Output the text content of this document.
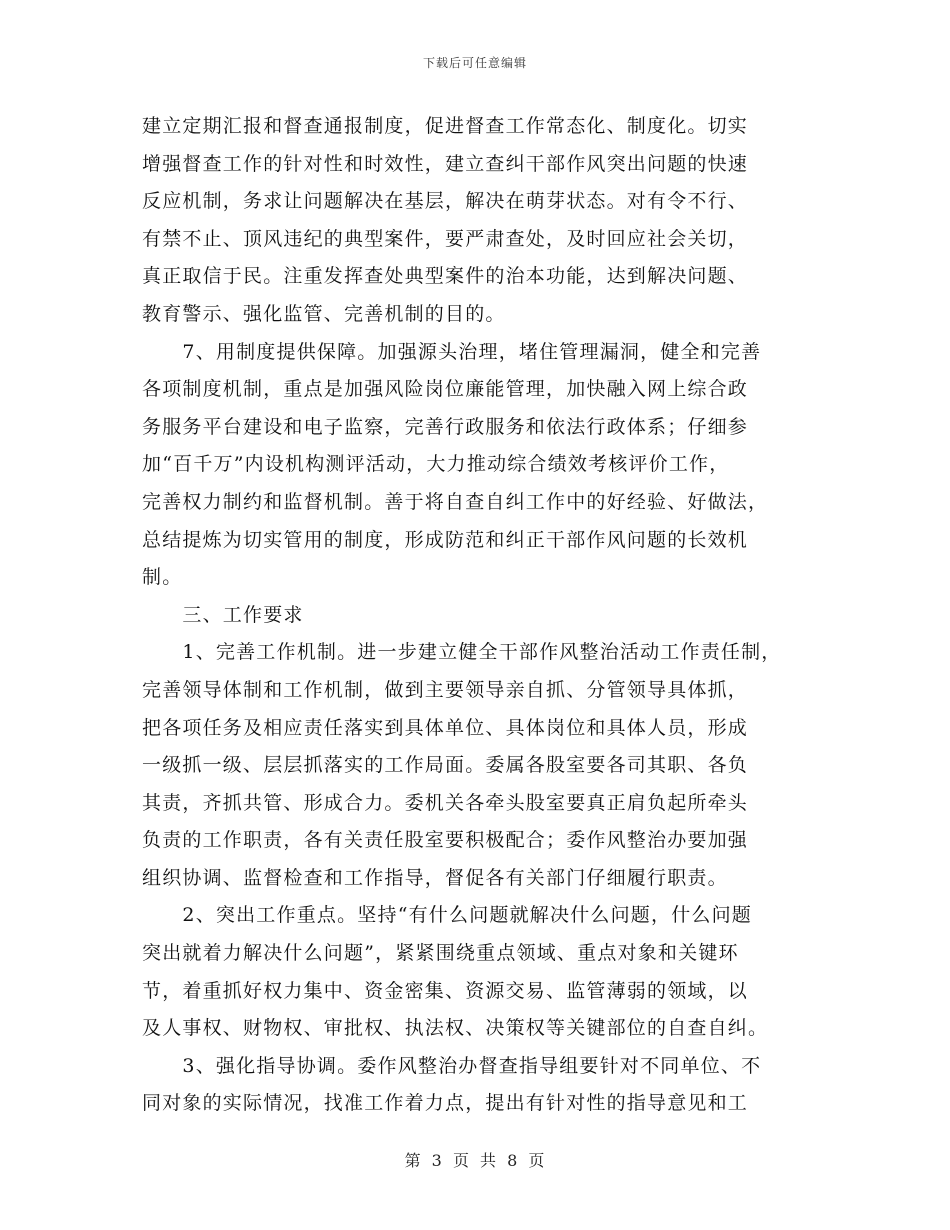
下载后可任意编辑
建立定期汇报和督查通报制度，促进督查工作常态化、制度化。切实
增强督查工作的针对性和时效性，建立查纠干部作风突出问题的快速
反应机制，务求让问题解决在基层，解决在萌芽状态。对有令不行、
有禁不止、顶风违纪的典型案件，要严肃查处，及时回应社会关切，
真正取信于民。注重发挥查处典型案件的治本功能，达到解决问题、
教育警示、强化监管、完善机制的目的。
　　7、用制度提供保障。加强源头治理，堵住管理漏洞，健全和完善
各项制度机制，重点是加强风险岗位廉能管理，加快融入网上综合政
务服务平台建设和电子监察，完善行政服务和依法行政体系；仔细参
加“百千万”内设机构测评活动，大力推动综合绩效考核评价工作，
完善权力制约和监督机制。善于将自查自纠工作中的好经验、好做法，
总结提炼为切实管用的制度，形成防范和纠正干部作风问题的长效机
制。
　　三、工作要求
　　1、完善工作机制。进一步建立健全干部作风整治活动工作责任制，
完善领导体制和工作机制，做到主要领导亲自抓、分管领导具体抓，
把各项任务及相应责任落实到具体单位、具体岗位和具体人员，形成
一级抓一级、层层抓落实的工作局面。委属各股室要各司其职、各负
其责，齐抓共管、形成合力。委机关各牵头股室要真正肩负起所牵头
负责的工作职责，各有关责任股室要积极配合；委作风整治办要加强
组织协调、监督检查和工作指导，督促各有关部门仔细履行职责。
　　2、突出工作重点。坚持“有什么问题就解决什么问题，什么问题
突出就着力解决什么问题”，紧紧围绕重点领域、重点对象和关键环
节，着重抓好权力集中、资金密集、资源交易、监管薄弱的领域，以
及人事权、财物权、审批权、执法权、决策权等关键部位的自查自纠。
　　3、强化指导协调。委作风整治办督查指导组要针对不同单位、不
同对象的实际情况，找准工作着力点，提出有针对性的指导意见和工
第 3 页 共 8 页
